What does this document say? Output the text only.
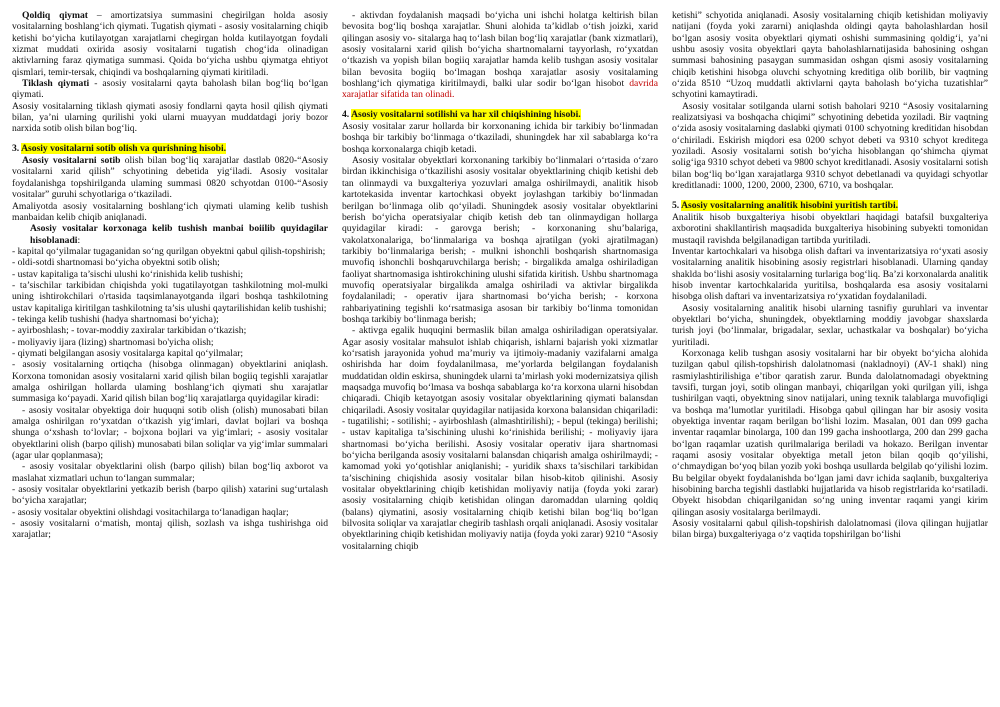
Qoldiq qiymat – amortizatsiya summasini chegirilgan holda asosiy vositalarning boshlang‘ich qiymati. Tugatish qiymati - asosiy vositalarning chiqib ketishi bo‘yicha kutilayotgan xarajatlarni chegirgan holda kutilayotgan foydali xizmat muddati oxirida asosiy vositalarni tugatish chog‘ida olinadigan aktivlarning faraz qiymatiga summasi. Qoida bo‘yicha ushbu qiymatga ehtiyot qismlari, temir-tersak, chiqindi va boshqalarning qiymati kiritiladi.

Tiklash qiymati - asosiy vositalarni qayta baholash bilan bog‘liq bo‘lgan qiymati.

Asosiy vositalarning tiklash qiymati asosiy fondlarni qayta hosil qilish qiymati bilan, ya’ni ularning qurilishi yoki ularni muayyan muddatdagi joriy bozor narxida sotib olish bilan bog‘liq.

3. Asosiy vositalarni sotib olish va qurishning hisobi.

Asosiy vositalarni sotib olish bilan bog‘liq xarajatlar dastlab 0820-“Asosiy vositalarni xarid qilish” schyotining debetida yig‘iladi. Asosiy vositalar foydalanishga topshirilganda ulaming summasi 0820 schyotdan 0100-“Asosiy vositalar” guruhi schyotlariga o‘tkaziladi.

Amaliyotda asosiy vositalarning boshlang‘ich qiymati ulaming kelib tushish manbaidan kelib chiqib aniqlanadi.

Asosiy vositalar korxonaga kelib tushish manbai boiilib quyidagilar hisoblanadi:

- kapital qo‘yilmalar tugaganidan so‘ng qurilgan obyektni qabul qilish-topshirish;

- oldi-sotdi shartnomasi bo‘yicha obyektni sotib olish;

- ustav kapitaliga ta’sischi ulushi ko‘rinishida kelib tushishi;

- ta’sischilar tarkibidan chiqishda yoki tugatilayotgan tashkilotning mol-mulki uning ishtirokchilari o'rtasida taqsimlanayotganda ilgari boshqa tashkilotning ustav kapitaliga kiritilgan tashkilotning ta’sis ulushi qaytarilishidan kelib tushishi;

- tekinga kelib tushishi (hadya shartnomasi bo‘yicha);

- ayirboshlash; - tovar-moddiy zaxiralar tarkibidan o‘tkazish;

- moliyaviy ijara (lizing) shartnomasi bo'yicha olish;

- qiymati belgilangan asosiy vositalarga kapital qo‘yilmalar;

- asosiy vositalarning ortiqcha (hisobga olinmagan) obyektlarini aniqlash. Korxona tomonidan asosiy vositalarni xarid qilish bilan bogiiq tegishli xarajatlar amalga oshirilgan hollarda ulaming boshlang‘ich qiymati shu xarajatlar summasiga ko‘payadi. Xarid qilish bilan bog‘liq xarajatlarga quyidagilar kiradi:

- asosiy vositalar obyektiga doir huquqni sotib olish (olish) munosabati bilan amalga oshirilgan ro‘yxatdan o‘tkazish yig‘imlari, davlat bojlari va boshqa shunga o‘xshash to‘lovlar; - bojxona bojlari va yig‘imlari; - asosiy vositalar obyektlarini olish (barpo qilish) munosabati bilan soliqlar va yig‘imlar summalari (agar ular qoplanmasa);

- asosiy vositalar obyektlarini olish (barpo qilish) bilan bog‘liq axborot va maslahat xizmatlari uchun to‘langan summalar;

- asosiy vositalar obyektlarini yetkazib berish (barpo qilish) xatarini sug‘urtalash bo‘yicha xarajatlar;

- asosiy vositalar obyektini olishdagi vositachilarga to‘lanadigan haqlar;

- asosiy vositalarni o‘matish, montaj qilish, sozlash va ishga tushirishga oid xarajatlar;

- aktivdan foydalanish maqsadi bo‘yicha uni ishchi holatga keltirish bilan bevosita bog‘liq boshqa xarajatlar. Shuni alohida ta’kidlab o‘tish joizki, xarid qilingan asosiy vo- sitalarga haq to‘lash bilan bog‘liq xarajatlar (bank xizmatlari), asosiy vositalarni xarid qilish bo‘yicha shartnomalarni tayyorlash, ro‘yxatdan o‘tkazish va yopish bilan bogiiq xarajatlar hamda kelib tushgan asosiy vositalar bilan bevosita bogiiq bo‘lmagan boshqa xarajatlar asosiy vositalaming boshlang‘ich qiymatiga kiritilmaydi, balki ular sodir bo‘lgan hisobot davrida xarajatlar sifatida tan olinadi.

4. Asosiy vositalarni sotilishi va har xil chiqishining hisobi.

Asosiy vositalar zarur hollarda bir korxonaning ichida bir tarkibiy bo‘linmadan boshqa bir tarkibiy bo‘linmaga o‘tkaziladi, shuningdek har xil sabablarga ko‘ra boshqa korxonalarga chiqib ketadi.

Asosiy vositalar obyektlari korxonaning tarkibiy bo‘linmalari o‘rtasida o‘zaro birdan ikkinchisiga o‘tkazilishi asosiy vositalar obyektlarining chiqib ketishi deb tan olinmaydi va buxgalteriya yozuvlari amalga oshirilmaydi, analitik hisob kartotekasida inventar kartochkasi obyekt joylashgan tarkibiy bo‘linmadan berilgan bo‘linmaga olib qo‘yiladi. Shuningdek asosiy vositalar obyektlarini berish bo‘yicha operatsiyalar chiqib ketish deb tan olinmaydigan hollarga quyidagilar kiradi: - garovga berish; - korxonaning shu’balariga, vakolatxonalariga, bo‘linmalariga va boshqa ajratilgan (yoki ajratilmagan) tarkibiy bo‘linmalariga berish; - mulkni ishonchli boshqarish shartnomasiga muvofiq ishonchli boshqaruvchilarga berish; - birgalikda amalga oshiriladigan faoliyat shartnomasiga ishtirokchining ulushi sifatida kiritish. Ushbu shartnomaga muvofiq operatsiyalar birgalikda amalga oshiriladi va aktivlar birgalikda foydalaniladi; - operativ ijara shartnomasi bo‘yicha berish; - korxona rahbariyatining tegishli ko‘rsatmasiga asosan bir tarkibiy bo‘linma tomonidan boshqa tarkibiy bo‘linmaga berish;

- aktivga egalik huquqini bermaslik bilan amalga oshiriladigan operatsiyalar. Agar asosiy vositalar mahsulot ishlab chiqarish, ishlarni bajarish yoki xizmatlar ko‘rsatish jarayonida yohud ma’muriy va ijtimoiy-madaniy vazifalarni amalga oshirishda har doim foydalanilmasa, me’yorlarda belgilangan foydalanish muddatidan oldin eskirsa, shuningdek ularni ta’mirlash yoki modernizatsiya qilish maqsadga muvofiq bo‘lmasa va boshqa sabablarga ko‘ra korxona ularni hisobdan chiqaradi. Chiqib ketayotgan asosiy vositalar obyektlarining qiymati balansdan chiqariladi. Asosiy vositalar quyidagilar natijasida korxona balansidan chiqariladi: - tugatilishi; - sotilishi; - ayirboshlash (almashtirilishi); - bepul (tekinga) berilishi; - ustav kapitaliga ta’sischining ulushi ko‘rinishida berilishi; - moliyaviy ijara shartnomasi bo‘yicha berilishi. Asosiy vositalar operativ ijara shartnomasi bo‘yicha berilganda asosiy vositalarni balansdan chiqarish amalga oshirilmaydi; - kamomad yoki yo‘qotishlar aniqlanishi; - yuridik shaxs ta’sischilari tarkibidan ta’sischining chiqishida asosiy vositalar bilan hisob-kitob qilinishi. Asosiy vositalar obyektlarining chiqib ketishidan moliyaviy natija (foyda yoki zarar) asosiy vositalarning chiqib ketishidan olingan daromaddan ularning qoldiq (balans) qiymatini, asosiy vositalarning chiqib ketishi bilan bog‘liq bo‘lgan bilvosita soliqlar va xarajatlar chegirib tashlash orqali aniqlanadi. Asosiy vositalar obyektlarining chiqib ketishidan moliyaviy natija (foyda yoki zarar) 9210 “Asosiy vositalarning chiqib

ketishi” schyotida aniqlanadi. Asosiy vositalarning chiqib ketishidan moliyaviy natijani (foyda yoki zararni) aniqlashda oldingi qayta baholashlardan hosil bo‘lgan asosiy vosita obyektlari qiymati oshishi summasining qoldig‘i, ya’ni ushbu asosiy vosita obyektlari qayta baholashlarnatijasida bahosining oshgan summasi bahosining pasaygan summasidan oshgan qismi asosiy vositalarning chiqib ketishini hisobga oluvchi schyotning kreditiga olib borilib, bir vaqtning o‘zida 8510 “Uzoq muddatli aktivlarni qayta baholash bo‘yicha tuzatishlar” schyotini kamaytiradi.

Asosiy vositalar sotilganda ularni sotish baholari 9210 “Asosiy vositalarning realizatsiyasi va boshqacha chiqimi” schyotining debetida yoziladi. Bir vaqtning o‘zida asosiy vositalarning daslabki qiymati 0100 schyotning kreditidan hisobdan o‘chiriladi. Eskirish miqdori esa 0200 schyot debeti va 9310 schyot kreditega yoziladi. Asosiy vositalarni sotish bo‘yicha hisoblangan qo‘shimcha qiymat solig‘iga 9310 schyot debeti va 9800 schyot kreditlanadi. Asosiy vositalarni sotish bilan bog‘liq bo‘lgan xarajatlarga 9310 schyot debetlanadi va quyidagi schyotlar kreditlanadi: 1000, 1200, 2000, 2300, 6710, va boshqalar.

5. Asosiy vositalarning analitik hisobini yuritish tartibi.

Analitik hisob buxgalteriya hisobi obyektlari haqidagi batafsil buxgalteriya axborotini shakllantirish maqsadida buxgalteriya hisobining subyekti tomonidan mustaqil ravishda belgilanadigan tartibda yuritiladi.

Inventar kartochkalari va hisobga olish daftari va inventarizatsiya ro‘yxati asosiy vositalarning analitik hisobining asosiy registrlari hisoblanadi. Ularning qanday shaklda bo‘lishi asosiy vositalarning turlariga bog‘liq. Ba’zi korxonalarda analitik hisob inventar kartochkalarida yuritilsa, boshqalarda esa asosiy vositalarni hisobga olish daftari va inventarizatsiya ro‘yxatidan foydalaniladi.

Asosiy vositalarning analitik hisobi ularning tasnifiy guruhlari va inventar obyektlari bo‘yicha, shuningdek, obyektlarning moddiy javobgar shaxslarda turish joyi (bo‘linmalar, brigadalar, sexlar, uchastkalar va boshqalar) bo‘yicha yuritiladi.

Korxonaga kelib tushgan asosiy vositalarni har bir obyekt bo‘yicha alohida tuzilgan qabul qilish-topshirish dalolatnomasi (nakladnoyi) (AV-1 shakl) ning rasmiylashtirilishiga e’tibor qaratish zarur. Bunda dalolatnomadagi obyektning tavsifi, turgan joyi, sotib olingan manbayi, chiqarilgan yoki qurilgan yili, ishga tushirilgan vaqti, obyektning sinov natijalari, uning texnik talablarga muvofiqligi va boshqa ma’lumotlar yuritiladi. Hisobga qabul qilingan har bir asosiy vosita obyektiga inventar raqam berilgan bo‘lishi lozim. Masalan, 001 dan 099 gacha inventar raqamlar binolarga, 100 dan 199 gacha inshootlarga, 200 dan 299 gacha bo‘lgan raqamlar uzatish qurilmalariga beriladi va hokazo. Berilgan inventar raqami asosiy vositalar obyektiga metall jeton bilan qoqib qo‘yilishi, o‘chmaydigan bo‘yoq bilan yozib yoki boshqa usullarda belgilab qo‘yilishi lozim. Bu belgilar obyekt foydalanishda bo‘lgan jami davr ichida saqlanib, buxgalteriya hisobining barcha tegishli dastlabki hujjatlarida va hisob registrlarida ko‘rsatiladi. Obyekt hisobdan chiqarilganidan so‘ng uning inventar raqami yangi kirim qilingan asosiy vositalarga berilmaydi.

Asosiy vositalarni qabul qilish-topshirish dalolatnomasi (ilova qilingan hujjatlar bilan birga) buxgalteriyaga o‘z vaqtida topshirilgan bo‘lishi
